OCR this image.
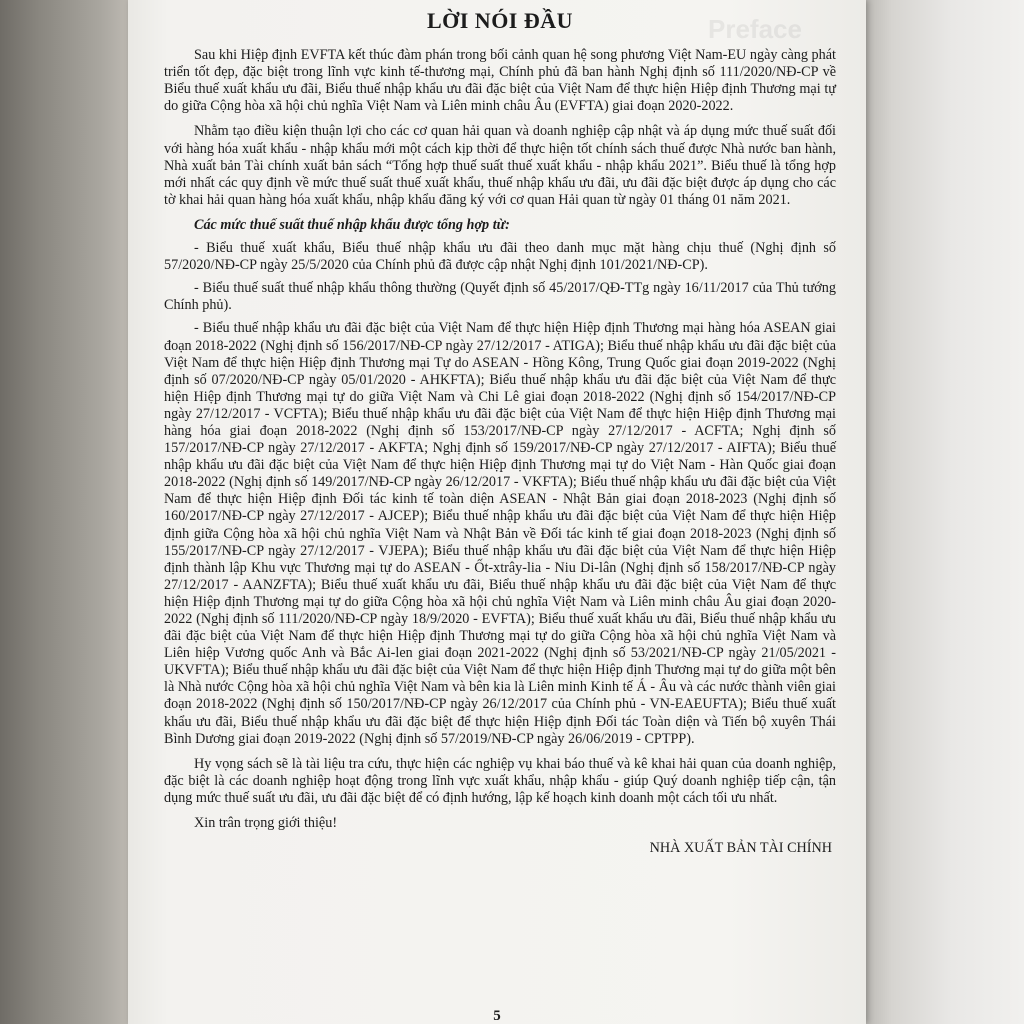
Preface
LỜI NÓI ĐẦU

Sau khi Hiệp định EVFTA kết thúc đàm phán trong bối cảnh quan hệ song phương Việt Nam-EU ngày càng phát triển tốt đẹp, đặc biệt trong lĩnh vực kinh tế-thương mại, Chính phủ đã ban hành Nghị định số 111/2020/NĐ-CP về Biểu thuế xuất khẩu ưu đãi, Biểu thuế nhập khẩu ưu đãi đặc biệt của Việt Nam để thực hiện Hiệp định Thương mại tự do giữa Cộng hòa xã hội chủ nghĩa Việt Nam và Liên minh châu Âu (EVFTA) giai đoạn 2020-2022.

Nhằm tạo điều kiện thuận lợi cho các cơ quan hải quan và doanh nghiệp cập nhật và áp dụng mức thuế suất đối với hàng hóa xuất khẩu - nhập khẩu mới một cách kịp thời để thực hiện tốt chính sách thuế được Nhà nước ban hành, Nhà xuất bản Tài chính xuất bản sách “Tổng hợp thuế suất thuế xuất khẩu - nhập khẩu 2021”. Biểu thuế là tổng hợp mới nhất các quy định về mức thuế suất thuế xuất khẩu, thuế nhập khẩu ưu đãi, ưu đãi đặc biệt được áp dụng cho các tờ khai hải quan hàng hóa xuất khẩu, nhập khẩu đăng ký với cơ quan Hải quan từ ngày 01 tháng 01 năm 2021.

Các mức thuế suất thuế nhập khẩu được tổng hợp từ:

- Biểu thuế xuất khẩu, Biểu thuế nhập khẩu ưu đãi theo danh mục mặt hàng chịu thuế (Nghị định số 57/2020/NĐ-CP ngày 25/5/2020 của Chính phủ đã được cập nhật Nghị định 101/2021/NĐ-CP).

- Biểu thuế suất thuế nhập khẩu thông thường (Quyết định số 45/2017/QĐ-TTg ngày 16/11/2017 của Thủ tướng Chính phủ).

- Biểu thuế nhập khẩu ưu đãi đặc biệt của Việt Nam để thực hiện Hiệp định Thương mại hàng hóa ASEAN giai đoạn 2018-2022 (Nghị định số 156/2017/NĐ-CP ngày 27/12/2017 - ATIGA); Biểu thuế nhập khẩu ưu đãi đặc biệt của Việt Nam để thực hiện Hiệp định Thương mại Tự do ASEAN - Hồng Kông, Trung Quốc giai đoạn 2019-2022 (Nghị định số 07/2020/NĐ-CP ngày 05/01/2020 - AHKFTA); Biểu thuế nhập khẩu ưu đãi đặc biệt của Việt Nam để thực hiện Hiệp định Thương mại tự do giữa Việt Nam và Chi Lê giai đoạn 2018-2022 (Nghị định số 154/2017/NĐ-CP ngày 27/12/2017 - VCFTA); Biểu thuế nhập khẩu ưu đãi đặc biệt của Việt Nam để thực hiện Hiệp định Thương mại hàng hóa giai đoạn 2018-2022 (Nghị định số 153/2017/NĐ-CP ngày 27/12/2017 - ACFTA; Nghị định số 157/2017/NĐ-CP ngày 27/12/2017 - AKFTA; Nghị định số 159/2017/NĐ-CP ngày 27/12/2017 - AIFTA); Biểu thuế nhập khẩu ưu đãi đặc biệt của Việt Nam để thực hiện Hiệp định Thương mại tự do Việt Nam - Hàn Quốc giai đoạn 2018-2022 (Nghị định số 149/2017/NĐ-CP ngày 26/12/2017 - VKFTA); Biểu thuế nhập khẩu ưu đãi đặc biệt của Việt Nam để thực hiện Hiệp định Đối tác kinh tế toàn diện ASEAN - Nhật Bản giai đoạn 2018-2023 (Nghị định số 160/2017/NĐ-CP ngày 27/12/2017 - AJCEP); Biểu thuế nhập khẩu ưu đãi đặc biệt của Việt Nam để thực hiện Hiệp định giữa Cộng hòa xã hội chủ nghĩa Việt Nam và Nhật Bản về Đối tác kinh tế giai đoạn 2018-2023 (Nghị định số 155/2017/NĐ-CP ngày 27/12/2017 - VJEPA); Biểu thuế nhập khẩu ưu đãi đặc biệt của Việt Nam để thực hiện Hiệp định thành lập Khu vực Thương mại tự do ASEAN - Ốt-xtrây-lia - Niu Di-lân (Nghị định số 158/2017/NĐ-CP ngày 27/12/2017 - AANZFTA); Biểu thuế xuất khẩu ưu đãi, Biểu thuế nhập khẩu ưu đãi đặc biệt của Việt Nam để thực hiện Hiệp định Thương mại tự do giữa Cộng hòa xã hội chủ nghĩa Việt Nam và Liên minh châu Âu giai đoạn 2020-2022 (Nghị định số 111/2020/NĐ-CP ngày 18/9/2020 - EVFTA); Biểu thuế xuất khẩu ưu đãi, Biểu thuế nhập khẩu ưu đãi đặc biệt của Việt Nam để thực hiện Hiệp định Thương mại tự do giữa Cộng hòa xã hội chủ nghĩa Việt Nam và Liên hiệp Vương quốc Anh và Bắc Ai-len giai đoạn 2021-2022 (Nghị định số 53/2021/NĐ-CP ngày 21/05/2021 - UKVFTA); Biểu thuế nhập khẩu ưu đãi đặc biệt của Việt Nam để thực hiện Hiệp định Thương mại tự do giữa một bên là Nhà nước Cộng hòa xã hội chủ nghĩa Việt Nam và bên kia là Liên minh Kinh tế Á - Âu và các nước thành viên giai đoạn 2018-2022 (Nghị định số 150/2017/NĐ-CP ngày 26/12/2017 của Chính phủ - VN-EAEUFTA); Biểu thuế xuất khẩu ưu đãi, Biểu thuế nhập khẩu ưu đãi đặc biệt để thực hiện Hiệp định Đối tác Toàn diện và Tiến bộ xuyên Thái Bình Dương giai đoạn 2019-2022 (Nghị định số 57/2019/NĐ-CP ngày 26/06/2019 - CPTPP).

Hy vọng sách sẽ là tài liệu tra cứu, thực hiện các nghiệp vụ khai báo thuế và kê khai hải quan của doanh nghiệp, đặc biệt là các doanh nghiệp hoạt động trong lĩnh vực xuất khẩu, nhập khẩu - giúp Quý doanh nghiệp tiếp cận, tận dụng mức thuế suất ưu đãi, ưu đãi đặc biệt để có định hướng, lập kế hoạch kinh doanh một cách tối ưu nhất.

Xin trân trọng giới thiệu!

NHÀ XUẤT BẢN TÀI CHÍNH

5
